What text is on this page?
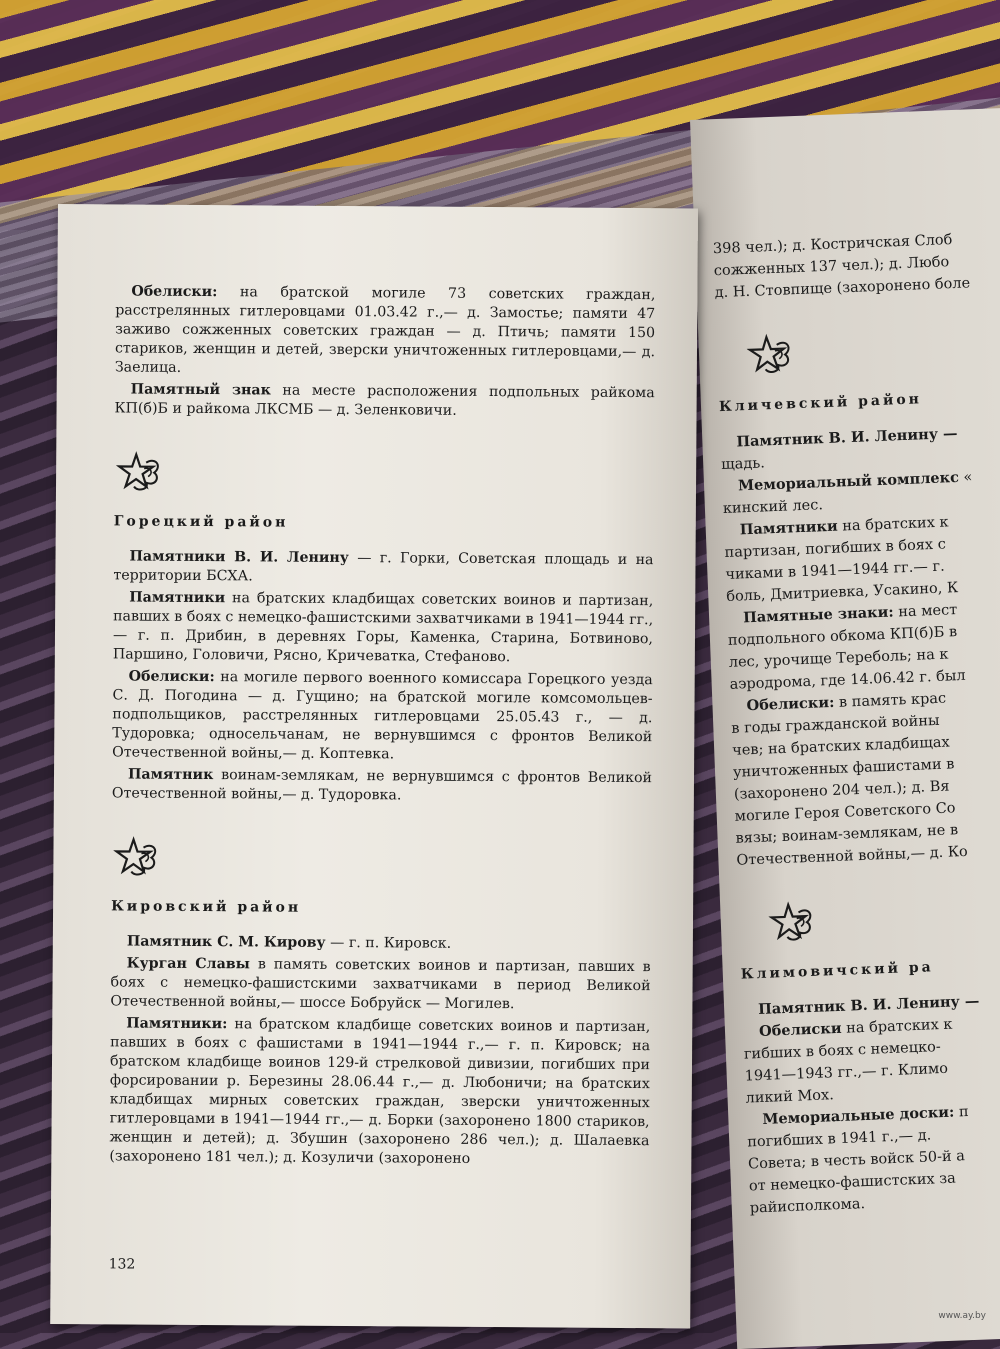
398 чел.); д. Костричская Слоб
сожженных 137 чел.); д. Любо
д. Н. Стовпище (захоронено боле
Кличевский район

Памятник В. И. Ленину —

щадь.

Мемориальный комплекс «

кинский лес.

Памятники на братских к

партизан, погибших в боях с

чиками в 1941—1944 гг.— г.

боль, Дмитриевка, Усакино, К

Памятные знаки: на мест

подпольного обкома КП(б)Б в

лес, урочище Тереболь; на к

аэродрома, где 14.06.42 г. был

Обелиски: в память крас

в годы гражданской войны

чев; на братских кладбищах

уничтоженных фашистами в

(захоронено 204 чел.); д. Вя

могиле Героя Советского Со

вязы; воинам-землякам, не в

Отечественной войны,— д. Ко

Климовичский ра

Памятник В. И. Ленину —

Обелиски на братских к

гибших в боях с немецко-

1941—1943 гг.,— г. Климо

ликий Мох.

Мемориальные доски: п

погибших в 1941 г.,— д.

Совета; в честь войск 50-й а

от немецко-фашистских за

райисполкома.

Обелиски: на братской могиле 73 советских граждан, расстрелянных гитлеровцами 01.03.42 г.,— д. Замостье; памяти 47 заживо сожженных советских граждан — д. Птичь; памяти 150 стариков, женщин и детей, зверски уничтоженных гитлеровцами,— д. Заелица.

Памятный знак на месте расположения подпольных райкома КП(б)Б и райкома ЛКСМБ — д. Зеленковичи.

Горецкий район

Памятники В. И. Ленину — г. Горки, Советская площадь и на территории БСХА.

Памятники на братских кладбищах советских воинов и партизан, павших в боях с немецко-фашистскими захватчиками в 1941—1944 гг.,— г. п. Дрибин, в деревнях Горы, Каменка, Старина, Ботвиново, Паршино, Головичи, Рясно, Кричеватка, Стефаново.

Обелиски: на могиле первого военного комиссара Горецкого уезда С. Д. Погодина — д. Гущино; на братской могиле комсомольцев-подпольщиков, расстрелянных гитлеровцами 25.05.43 г., — д. Тудоровка; односельчанам, не вернувшимся с фронтов Великой Отечественной войны,— д. Коптевка.

Памятник воинам-землякам, не вернувшимся с фронтов Великой Отечественной войны,— д. Тудоровка.

Кировский район

Памятник С. М. Кирову — г. п. Кировск.

Курган Славы в память советских воинов и партизан, павших в боях с немецко-фашистскими захватчиками в период Великой Отечественной войны,— шоссе Бобруйск — Могилев.

Памятники: на братском кладбище советских воинов и партизан, павших в боях с фашистами в 1941—1944 г.,— г. п. Кировск; на братском кладбище воинов 129-й стрелковой дивизии, погибших при форсировании р. Березины 28.06.44 г.,— д. Любоничи; на братских кладбищах мирных советских граждан, зверски уничтоженных гитлеровцами в 1941—1944 гг.,— д. Борки (захоронено 1800 стариков, женщин и детей); д. Збушин (захоронено 286 чел.); д. Шалаевка (захоронено 181 чел.); д. Козуличи (захоронено

132
www.ay.by
